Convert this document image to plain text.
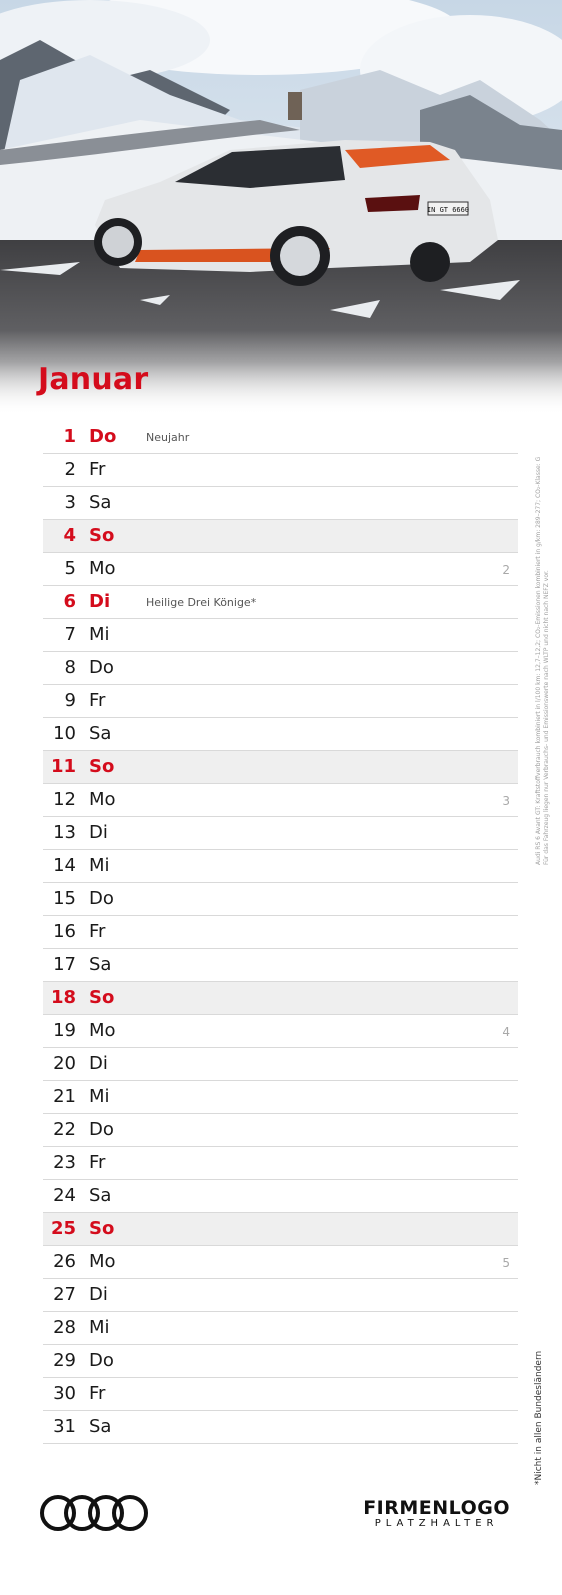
IN GT 6660
Januar
1 Do	Neujahr
2 Fr
3 Sa
4 So
5 Mo	2
6 Di	Heilige Drei Könige*
7 Mi
8 Do
9 Fr
10 Sa
11 So
12 Mo	3
13 Di
14 Mi
15 Do
16 Fr
17 Sa
18 So
19 Mo	4
20 Di
21 Mi
22 Do
23 Fr
24 Sa
25 So
26 Mo	5
27 Di
28 Mi
29 Do
30 Fr
31 Sa
Audi RS 6 Avant GT: Kraftstoffverbrauch kombiniert in l/100 km: 12,7–12,2; CO₂-Emissionen kombiniert in g/km: 289–277; CO₂-Klasse: G
Für das Fahrzeug liegen nur Verbrauchs- und Emissionswerte nach WLTP und nicht nach NEFZ vor.
*Nicht in allen Bundesländern
FIRMENLOGO
PLATZHALTER
